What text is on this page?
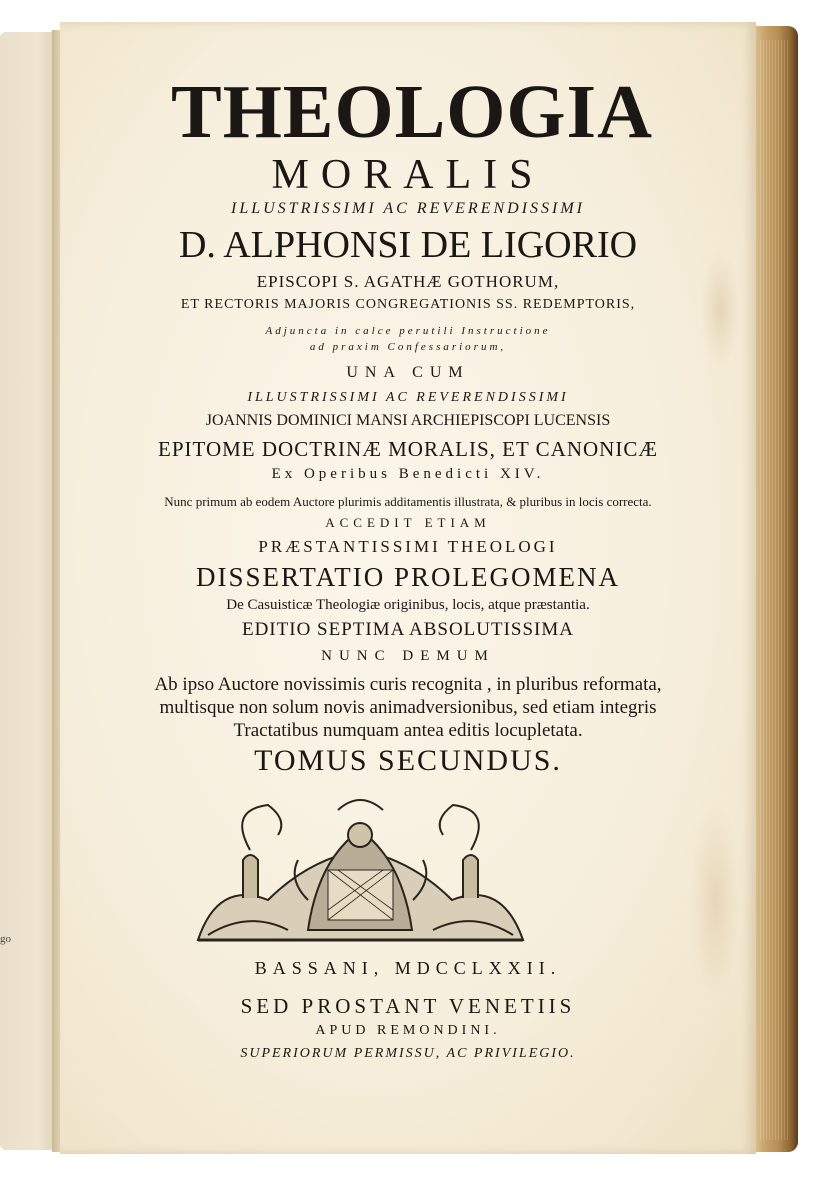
go
THEOLOGIA
MORALIS
ILLUSTRISSIMI AC REVERENDISSIMI
D. ALPHONSI DE LIGORIO
EPISCOPI S. AGATHÆ GOTHORUM,
ET RECTORIS MAJORIS CONGREGATIONIS SS. REDEMPTORIS,
Adjuncta in calce perutili Instructione
ad praxim Confessariorum,
UNA CUM
ILLUSTRISSIMI AC REVERENDISSIMI
JOANNIS DOMINICI MANSI ARCHIEPISCOPI LUCENSIS
EPITOME DOCTRINÆ MORALIS, ET CANONICÆ
Ex Operibus Benedicti XIV.
Nunc primum ab eodem Auctore plurimis additamentis illustrata, & pluribus in locis correcta.
ACCEDIT ETIAM
PRÆSTANTISSIMI THEOLOGI
DISSERTATIO PROLEGOMENA
De Casuisticæ Theologiæ originibus, locis, atque præstantia.
EDITIO SEPTIMA ABSOLUTISSIMA
NUNC DEMUM
Ab ipso Auctore novissimis curis recognita , in pluribus reformata,
multisque non solum novis animadversionibus, sed etiam integris
Tractatibus numquam antea editis locupletata.
TOMUS SECUNDUS.
BASSANI, MDCCLXXII.
SED PROSTANT VENETIIS
APUD REMONDINI.
SUPERIORUM PERMISSU, AC PRIVILEGIO.
